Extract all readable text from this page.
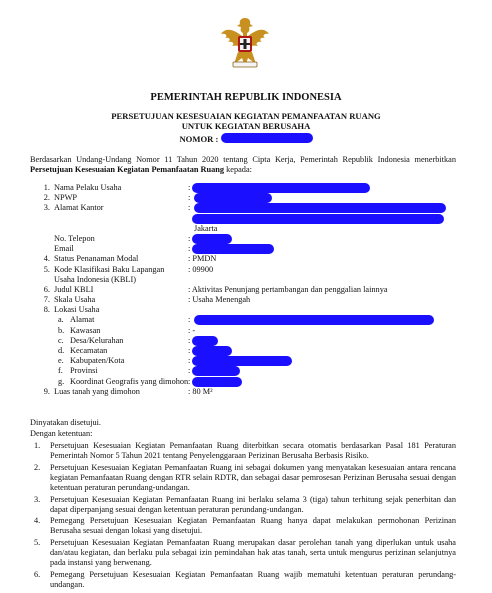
PEMERINTAH REPUBLIK INDONESIA
PERSETUJUAN KESESUAIAN KEGIATAN PEMANFAATAN RUANG
UNTUK KEGIATAN BERUSAHA
NOMOR :
Berdasarkan Undang-Undang Nomor 11 Tahun 2020 tentang Cipta Kerja, Pemerintah Republik Indonesia menerbitkan Persetujuan Kesesuaian Kegiatan Pemanfaatan Ruang kepada:
1. Nama Pelaku Usaha	:
2. NPWP	:
3. Alamat Kantor	:
Jakarta
No. Telepon	:
Email	:
4. Status Penanaman Modal	: PMDN
5. Kode Klasifikasi Baku Lapangan	: 09900
Usaha Indonesia (KBLI)
6. Judul KBLI	: Aktivitas Penunjang pertambangan dan penggalian lainnya
7. Skala Usaha	: Usaha Menengah
8. Lokasi Usaha
a. Alamat	:
b. Kawasan	: -
c. Desa/Kelurahan	:
d. Kecamatan	:
e. Kabupaten/Kota	:
f. Provinsi	:
g. Koordinat Geografis yang dimohon :
9. Luas tanah yang dimohon	: 80 M²
Dinyatakan disetujui.
Dengan ketentuan:
1. Persetujuan Kesesuaian Kegiatan Pemanfaatan Ruang diterbitkan secara otomatis berdasarkan Pasal 181 Peraturan Pemerintah Nomor 5 Tahun 2021 tentang Penyelenggaraan Perizinan Berusaha Berbasis Risiko.
2. Persetujuan Kesesuaian Kegiatan Pemanfaatan Ruang ini sebagai dokumen yang menyatakan kesesuaian antara rencana kegiatan Pemanfaatan Ruang dengan RTR selain RDTR, dan sebagai dasar pemrosesan Perizinan Berusaha sesuai dengan ketentuan peraturan perundang-undangan.
3. Persetujuan Kesesuaian Kegiatan Pemanfaatan Ruang ini berlaku selama 3 (tiga) tahun terhitung sejak penerbitan dan dapat diperpanjang sesuai dengan ketentuan peraturan perundang-undangan.
4. Pemegang Persetujuan Kesesuaian Kegiatan Pemanfaatan Ruang hanya dapat melakukan permohonan Perizinan Berusaha sesuai dengan lokasi yang disetujui.
5. Persetujuan Kesesuaian Kegiatan Pemanfaatan Ruang merupakan dasar perolehan tanah yang diperlukan untuk usaha dan/atau kegiatan, dan berlaku pula sebagai izin pemindahan hak atas tanah, serta untuk mengurus perizinan selanjutnya pada instansi yang berwenang.
6. Pemegang Persetujuan Kesesuaian Kegiatan Pemanfaatan Ruang wajib mematuhi ketentuan peraturan perundang-undangan.
